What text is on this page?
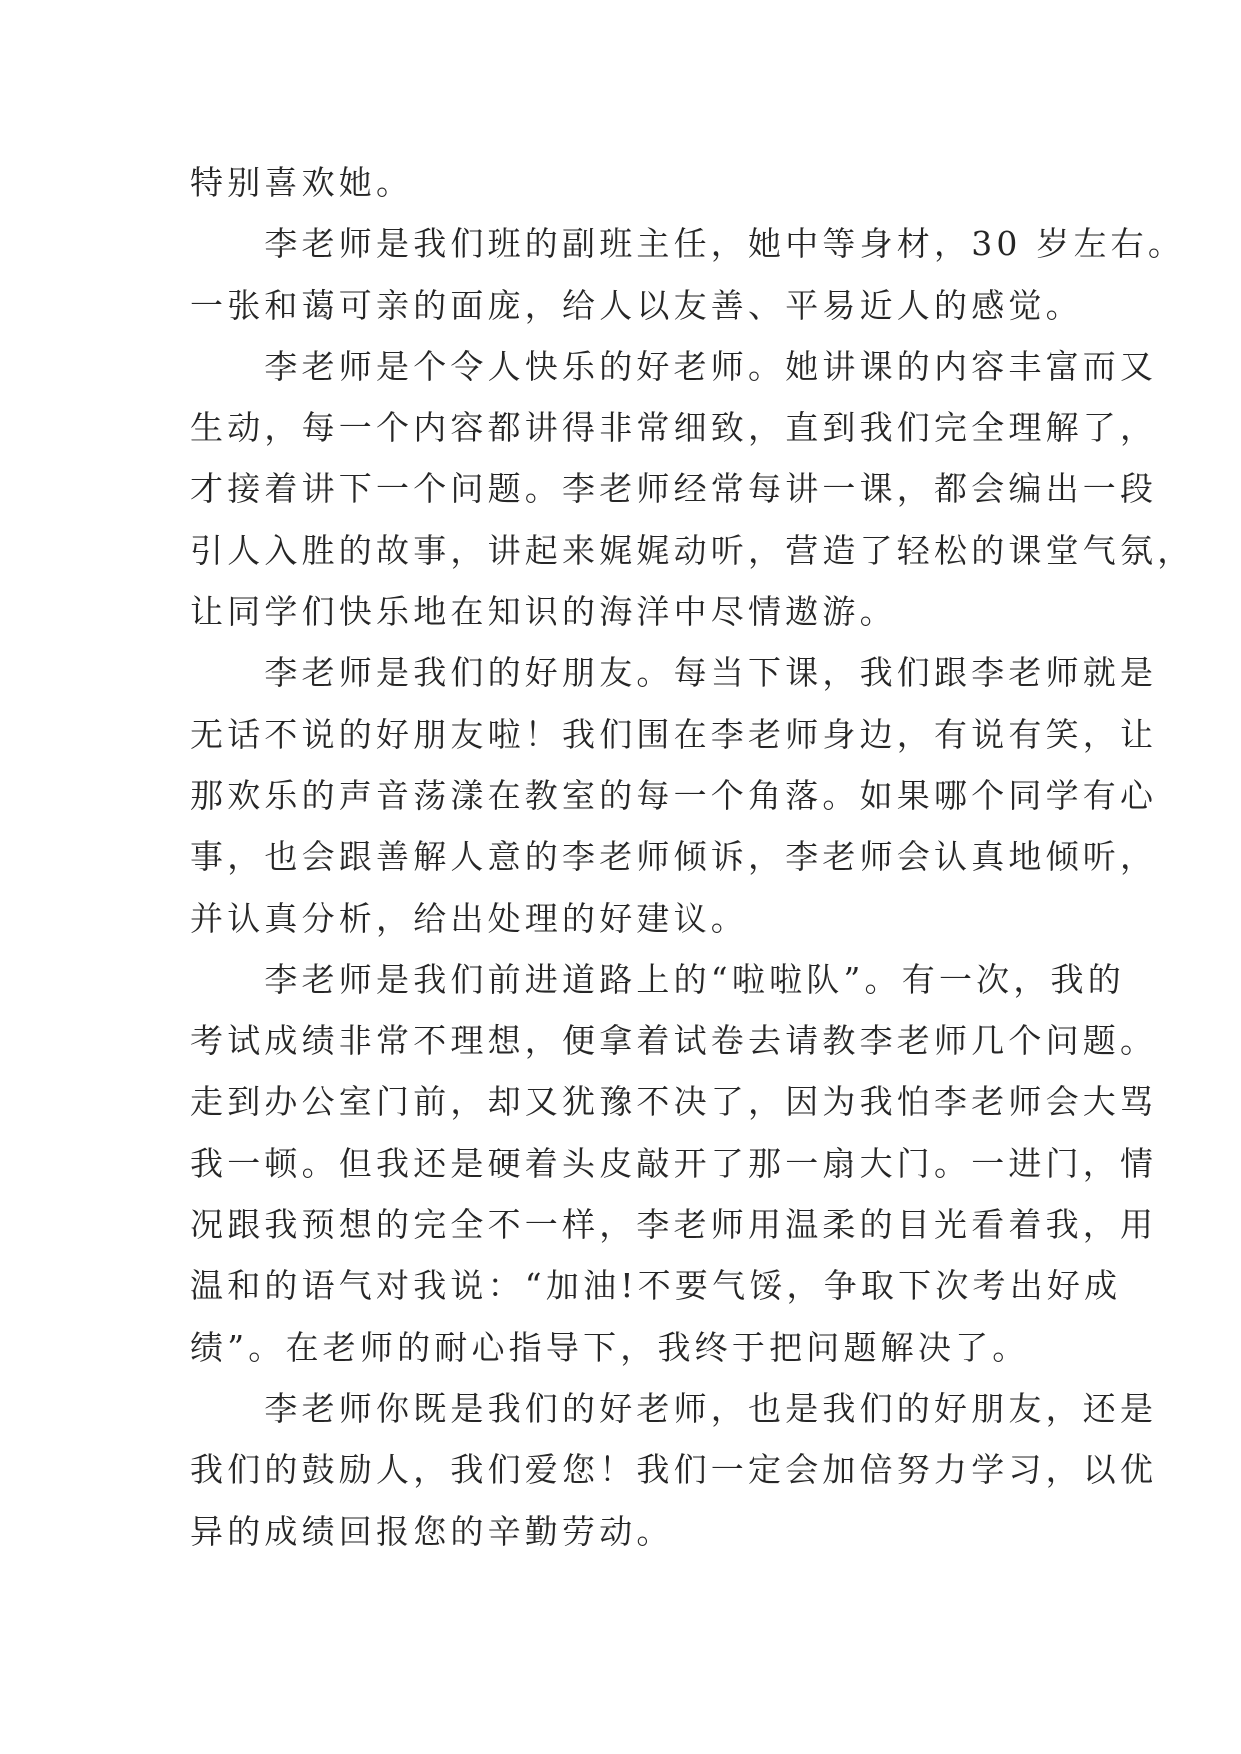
特别喜欢她。
　　李老师是我们班的副班主任，她中等身材，30 岁左右。
一张和蔼可亲的面庞，给人以友善、平易近人的感觉。
　　李老师是个令人快乐的好老师。她讲课的内容丰富而又
生动，每一个内容都讲得非常细致，直到我们完全理解了，
才接着讲下一个问题。李老师经常每讲一课，都会编出一段
引人入胜的故事，讲起来娓娓动听，营造了轻松的课堂气氛，
让同学们快乐地在知识的海洋中尽情遨游。
　　李老师是我们的好朋友。每当下课，我们跟李老师就是
无话不说的好朋友啦！我们围在李老师身边，有说有笑，让
那欢乐的声音荡漾在教室的每一个角落。如果哪个同学有心
事，也会跟善解人意的李老师倾诉，李老师会认真地倾听，
并认真分析，给出处理的好建议。
　　李老师是我们前进道路上的“啦啦队”。有一次，我的
考试成绩非常不理想，便拿着试卷去请教李老师几个问题。
走到办公室门前，却又犹豫不决了，因为我怕李老师会大骂
我一顿。但我还是硬着头皮敲开了那一扇大门。一进门，情
况跟我预想的完全不一样，李老师用温柔的目光看着我，用
温和的语气对我说：“加油!不要气馁，争取下次考出好成
绩”。在老师的耐心指导下，我终于把问题解决了。
　　李老师你既是我们的好老师，也是我们的好朋友，还是
我们的鼓励人，我们爱您！我们一定会加倍努力学习，以优
异的成绩回报您的辛勤劳动。
